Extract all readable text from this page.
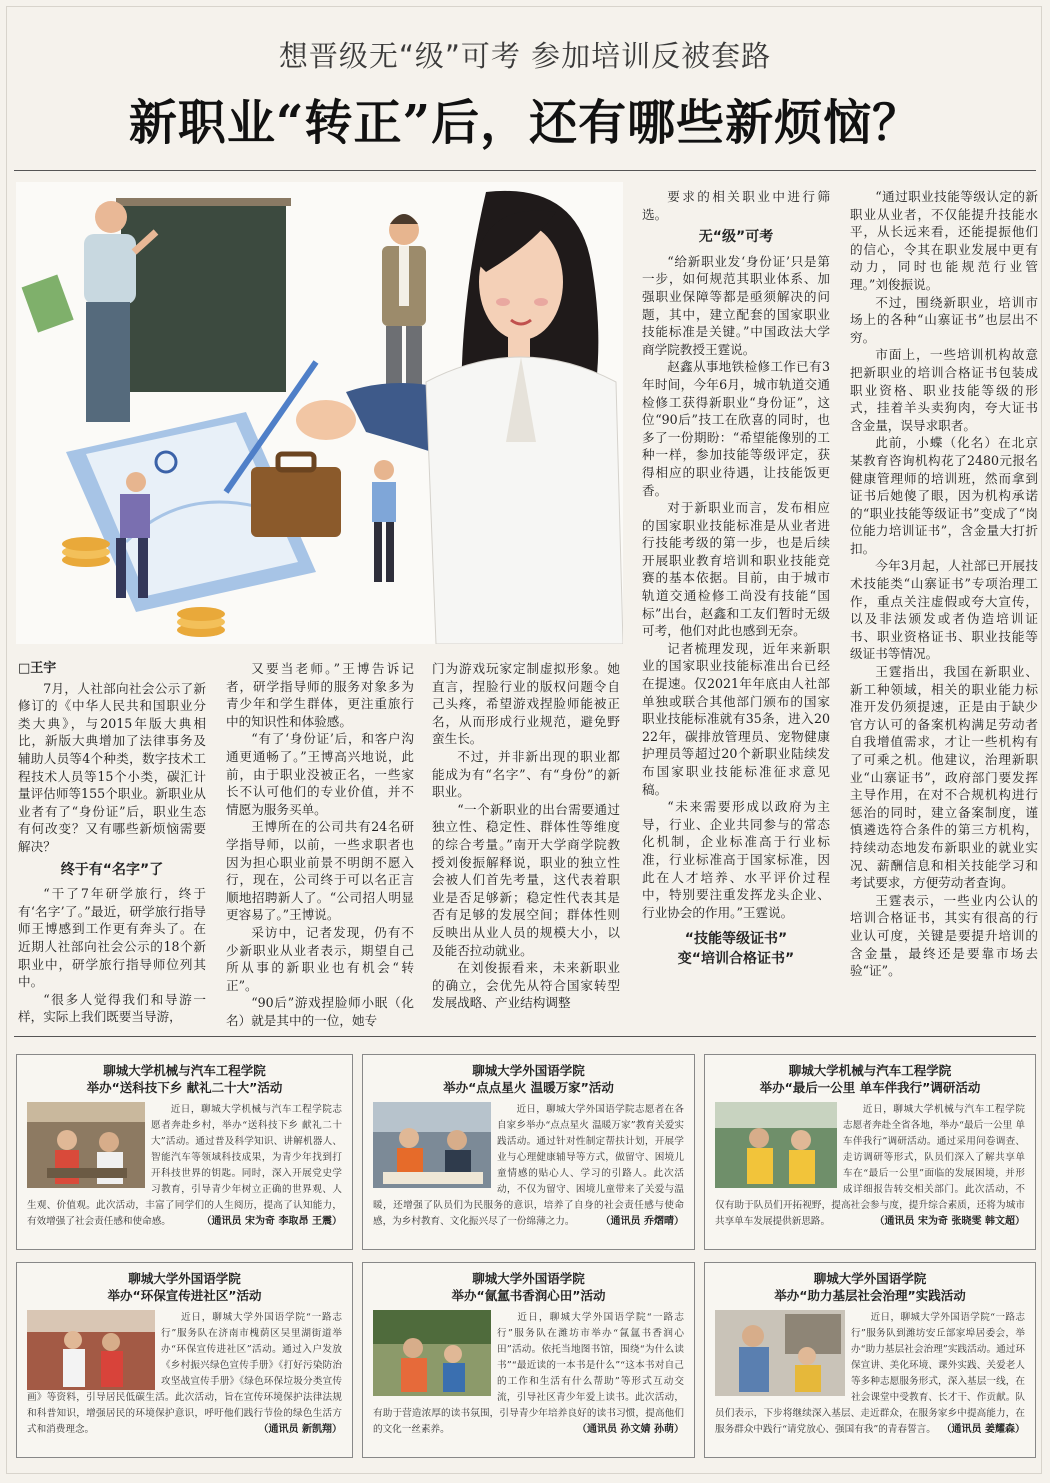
想晋级无“级”可考 参加培训反被套路
新职业“转正”后，还有哪些新烦恼？
□王宇

7月，人社部向社会公示了新修订的《中华人民共和国职业分类大典》，与2015年版大典相比，新版大典增加了法律事务及辅助人员等4个种类，数字技术工程技术人员等15个小类，碳汇计量评估师等155个职业。新职业从业者有了“身份证”后，职业生态有何改变？又有哪些新烦恼需要解决？

终于有“名字”了

“干了7年研学旅行，终于有‘名字’了。”最近，研学旅行指导师王博感到工作更有奔头了。在近期人社部向社会公示的18个新职业中，研学旅行指导师位列其中。

“很多人觉得我们和导游一样，实际上我们既要当导游，

又要当老师。”王博告诉记者，研学指导师的服务对象多为青少年和学生群体，更注重旅行中的知识性和体验感。

“有了‘身份证’后，和客户沟通更通畅了。”王博高兴地说，此前，由于职业没被正名，一些家长不认可他们的专业价值，并不情愿为服务买单。

王博所在的公司共有24名研学指导师，以前，一些求职者也因为担心职业前景不明朗不愿入行，现在，公司终于可以名正言顺地招聘新人了。“公司招人明显更容易了。”王博说。

采访中，记者发现，仍有不少新职业从业者表示，期望自己所从事的新职业也有机会“转正”。

“90后”游戏捏脸师小眠（化名）就是其中的一位，她专

门为游戏玩家定制虚拟形象。她直言，捏脸行业的版权问题令自己头疼，希望游戏捏脸师能被正名，从而形成行业规范，避免野蛮生长。

不过，并非新出现的职业都能成为有“名字”、有“身份”的新职业。

“一个新职业的出台需要通过独立性、稳定性、群体性等维度的综合考量。”南开大学商学院教授刘俊振解释说，职业的独立性会被人们首先考量，这代表着职业是否足够新；稳定性代表其是否有足够的发展空间；群体性则反映出从业人员的规模大小，以及能否拉动就业。

在刘俊振看来，未来新职业的确立，会优先从符合国家转型发展战略、产业结构调整

要求的相关职业中进行筛选。

无“级”可考

“给新职业发‘身份证’只是第一步，如何规范其职业体系、加强职业保障等都是亟须解决的问题，其中，建立配套的国家职业技能标准是关键。”中国政法大学商学院教授王霆说。

赵鑫从事地铁检修工作已有3年时间，今年6月，城市轨道交通检修工获得新职业“身份证”，这位“90后”技工在欣喜的同时，也多了一份期盼：“希望能像别的工种一样，参加技能等级评定，获得相应的职业待遇，让技能饭更香。

对于新职业而言，发布相应的国家职业技能标准是从业者进行技能考级的第一步，也是后续开展职业教育培训和职业技能竞赛的基本依据。目前，由于城市轨道交通检修工尚没有技能“国标”出台，赵鑫和工友们暂时无级可考，他们对此也感到无奈。

记者梳理发现，近年来新职业的国家职业技能标准出台已经在提速。仅2021年年底由人社部单独或联合其他部门颁布的国家职业技能标准就有35条，进入2022年，碳排放管理员、宠物健康护理员等超过20个新职业陆续发布国家职业技能标准征求意见稿。

“未来需要形成以政府为主导，行业、企业共同参与的常态化机制，企业标准高于行业标准，行业标准高于国家标准，因此在人才培养、水平评价过程中，特别要注重发挥龙头企业、行业协会的作用。”王霆说。

“技能等级证书”
变“培训合格证书”

“通过职业技能等级认定的新职业从业者，不仅能提升技能水平，从长远来看，还能提振他们的信心，令其在职业发展中更有动力，同时也能规范行业管理。”刘俊振说。

不过，围绕新职业，培训市场上的各种“山寨证书”也层出不穷。

市面上，一些培训机构故意把新职业的培训合格证书包装成职业资格、职业技能等级的形式，挂着羊头卖狗肉，夸大证书含金量，误导求职者。

此前，小蝶（化名）在北京某教育咨询机构花了2480元报名健康管理师的培训班，然而拿到证书后她傻了眼，因为机构承诺的“职业技能等级证书”变成了“岗位能力培训证书”，含金量大打折扣。

今年3月起，人社部已开展技术技能类“山寨证书”专项治理工作，重点关注虚假或夸大宣传，以及非法颁发或者伪造培训证书、职业资格证书、职业技能等级证书等情况。

王霆指出，我国在新职业、新工种领域，相关的职业能力标准开发仍须提速，正是由于缺少官方认可的备案机构满足劳动者自我增值需求，才让一些机构有了可乘之机。他建议，治理新职业“山寨证书”，政府部门要发挥主导作用，在对不合规机构进行惩治的同时，建立备案制度，谨慎遴选符合条件的第三方机构，持续动态地发布新职业的就业实况、薪酬信息和相关技能学习和考试要求，方便劳动者查询。

王霆表示，一些业内公认的培训合格证书，其实有很高的行业认可度，关键是要提升培训的含金量，最终还是要靠市场去验“证”。

聊城大学机械与汽车工程学院
举办“送科技下乡 献礼二十大”活动
近日，聊城大学机械与汽车工程学院志愿者奔赴乡村，举办“送科技下乡 献礼二十大”活动。通过普及科学知识、讲解机器人、智能汽车等领域科技成果，为青少年找到打开科技世界的钥匙。同时，深入开展党史学习教育，引导青少年树立正确的世界观、人生观、价值观。此次活动，丰富了同学们的人生阅历，提高了认知能力，有效增强了社会责任感和使命感。	（通讯员 宋为奇 李取昂 王震）
聊城大学外国语学院
举办“点点星火 温暖万家”活动
近日，聊城大学外国语学院志愿者在各自家乡举办“点点星火 温暖万家”教育关爱实践活动。通过针对性制定帮扶计划，开展学业与心理健康辅导等方式，做留守、困境儿童情感的贴心人、学习的引路人。此次活动，不仅为留守、困境儿童带来了关爱与温暖，还增强了队员们为民服务的意识，培养了自身的社会责任感与使命感，为乡村教育、文化振兴尽了一份绵薄之力。	（通讯员 乔熠晴）
聊城大学机械与汽车工程学院
举办“最后一公里 单车伴我行”调研活动
近日，聊城大学机械与汽车工程学院志愿者奔赴全省各地，举办“最后一公里 单车伴我行”调研活动。通过采用问卷调查、走访调研等形式，队员们深入了解共享单车在“最后一公里”面临的发展困境，并形成详细报告转交相关部门。此次活动，不仅有助于队员们开拓视野，提高社会参与度，提升综合素质，还将为城市共享单车发展提供新思路。	（通讯员 宋为奇 张晓雯 韩文超）
聊城大学外国语学院
举办“环保宣传进社区”活动
近日，聊城大学外国语学院“一路志行”服务队在济南市槐荫区吴里湖街道举办“环保宣传进社区”活动。通过入户发放《乡村振兴绿色宣传手册》《打好污染防治攻坚战宣传手册》《绿色环保垃圾分类宣传画》等资料，引导居民低碳生活。此次活动，旨在宣传环境保护法律法规和科普知识，增强居民的环境保护意识，呼吁他们践行节俭的绿色生活方式和消费理念。	（通讯员 新凯翔）
聊城大学外国语学院
举办“氤氲书香润心田”活动
近日，聊城大学外国语学院“一路志行”服务队在潍坊市举办“氤氲书香润心田”活动。依托当地图书馆，围绕“为什么读书”“最近读的一本书是什么”“这本书对自己的工作和生活有什么帮助”等形式互动交流，引导社区青少年爱上读书。此次活动，有助于营造浓厚的读书氛围，引导青少年培养良好的读书习惯，提高他们的文化一丝素养。	（通讯员 孙文婧 孙萌）
聊城大学外国语学院
举办“助力基层社会治理”实践活动
近日，聊城大学外国语学院“一路志行”服务队到潍坊安丘部家埠居委会，举办“助力基层社会治理”实践活动。通过环保宣讲、美化环境、课外实践、关爱老人等多种志愿服务形式，深入基层一线，在社会课堂中受教育、长才干、作贡献。队员们表示，下步将继续深入基层、走近群众，在服务家乡中提高能力，在服务群众中践行“请党放心、强国有我”的青春誓言。 （通讯员 姜耀森）
